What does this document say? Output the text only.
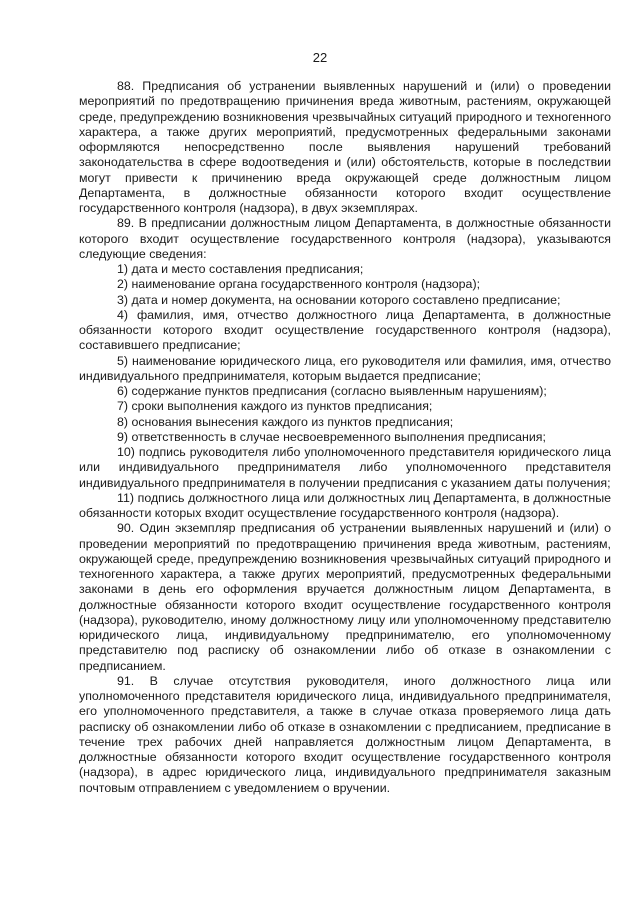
22

88. Предписания об устранении выявленных нарушений и (или) о проведении мероприятий по предотвращению причинения вреда животным, растениям, окружающей среде, предупреждению возникновения чрезвычайных ситуаций природного и техногенного характера, а также других мероприятий, предусмотренных федеральными законами оформляются непосредственно после выявления нарушений требований законодательства в сфере водоотведения и (или) обстоятельств, которые в последствии могут привести к причинению вреда окружающей среде должностным лицом Департамента, в должностные обязанности которого входит осуществление государственного контроля (надзора), в двух экземплярах.

89. В предписании должностным лицом Департамента, в должностные обязанности которого входит осуществление государственного контроля (надзора), указываются следующие сведения:

1) дата и место составления предписания;

2) наименование органа государственного контроля (надзора);

3) дата и номер документа, на основании которого составлено предписание;

4) фамилия, имя, отчество должностного лица Департамента, в должностные обязанности которого входит осуществление государственного контроля (надзора), составившего предписание;

5) наименование юридического лица, его руководителя или фамилия, имя, отчество индивидуального предпринимателя, которым выдается предписание;

6) содержание пунктов предписания (согласно выявленным нарушениям);

7) сроки выполнения каждого из пунктов предписания;

8) основания вынесения каждого из пунктов предписания;

9) ответственность в случае несвоевременного выполнения предписания;

10) подпись руководителя либо уполномоченного представителя юридического лица или индивидуального предпринимателя либо уполномоченного представителя индивидуального предпринимателя в получении предписания с указанием даты получения;

11) подпись должностного лица или должностных лиц Департамента, в должностные обязанности которых входит осуществление государственного контроля (надзора).

90. Один экземпляр предписания об устранении выявленных нарушений и (или) о проведении мероприятий по предотвращению причинения вреда животным, растениям, окружающей среде, предупреждению возникновения чрезвычайных ситуаций природного и техногенного характера, а также других мероприятий, предусмотренных федеральными законами в день его оформления вручается должностным лицом Департамента, в должностные обязанности которого входит осуществление государственного контроля (надзора), руководителю, иному должностному лицу или уполномоченному представителю юридического лица, индивидуальному предпринимателю, его уполномоченному представителю под расписку об ознакомлении либо об отказе в ознакомлении с предписанием.

91. В случае отсутствия руководителя, иного должностного лица или уполномоченного представителя юридического лица, индивидуального предпринимателя, его уполномоченного представителя, а также в случае отказа проверяемого лица дать расписку об ознакомлении либо об отказе в ознакомлении с предписанием, предписание в течение трех рабочих дней направляется должностным лицом Департамента, в должностные обязанности которого входит осуществление государственного контроля (надзора), в адрес юридического лица, индивидуального предпринимателя заказным почтовым отправлением с уведомлением о вручении.
